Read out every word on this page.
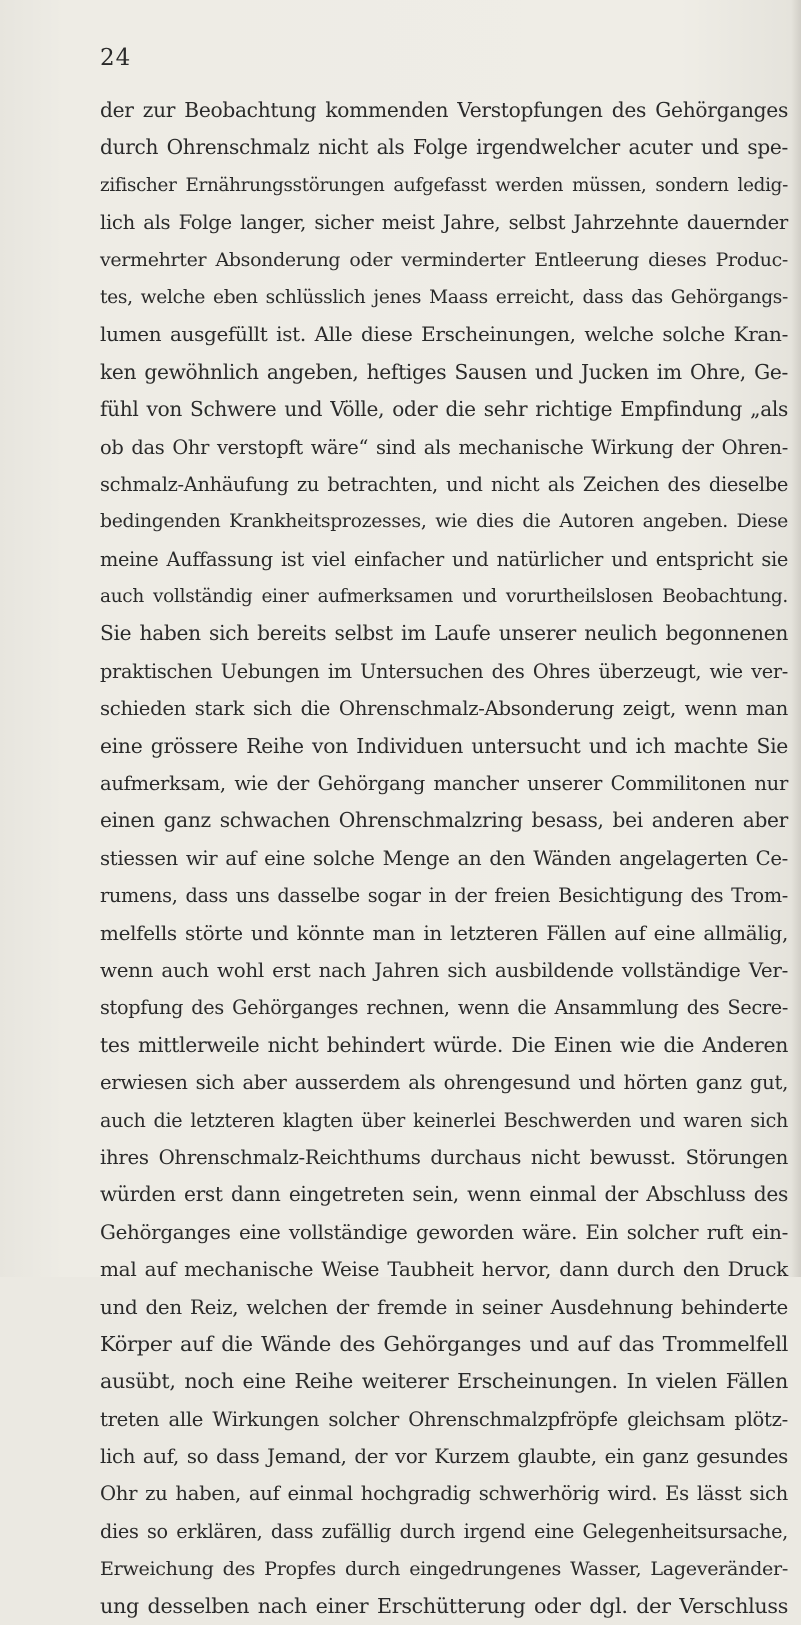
24
der zur Beobachtung kommenden Verstopfungen des Gehörganges
durch Ohrenschmalz nicht als Folge irgendwelcher acuter und spe-
zifischer Ernährungsstörungen aufgefasst werden müssen, sondern ledig-
lich als Folge langer, sicher meist Jahre, selbst Jahrzehnte dauernder
vermehrter Absonderung oder verminderter Entleerung dieses Produc-
tes, welche eben schlüsslich jenes Maass erreicht, dass das Gehörgangs-
lumen ausgefüllt ist. Alle diese Erscheinungen, welche solche Kran-
ken gewöhnlich angeben, heftiges Sausen und Jucken im Ohre, Ge-
fühl von Schwere und Völle, oder die sehr richtige Empfindung „als
ob das Ohr verstopft wäre“ sind als mechanische Wirkung der Ohren-
schmalz-Anhäufung zu betrachten, und nicht als Zeichen des dieselbe
bedingenden Krankheitsprozesses, wie dies die Autoren angeben. Diese
meine Auffassung ist viel einfacher und natürlicher und entspricht sie
auch vollständig einer aufmerksamen und vorurtheilslosen Beobachtung.
Sie haben sich bereits selbst im Laufe unserer neulich begonnenen
praktischen Uebungen im Untersuchen des Ohres überzeugt, wie ver-
schieden stark sich die Ohrenschmalz-Absonderung zeigt, wenn man
eine grössere Reihe von Individuen untersucht und ich machte Sie
aufmerksam, wie der Gehörgang mancher unserer Commilitonen nur
einen ganz schwachen Ohrenschmalzring besass, bei anderen aber
stiessen wir auf eine solche Menge an den Wänden angelagerten Ce-
rumens, dass uns dasselbe sogar in der freien Besichtigung des Trom-
melfells störte und könnte man in letzteren Fällen auf eine allmälig,
wenn auch wohl erst nach Jahren sich ausbildende vollständige Ver-
stopfung des Gehörganges rechnen, wenn die Ansammlung des Secre-
tes mittlerweile nicht behindert würde. Die Einen wie die Anderen
erwiesen sich aber ausserdem als ohrengesund und hörten ganz gut,
auch die letzteren klagten über keinerlei Beschwerden und waren sich
ihres Ohrenschmalz-Reichthums durchaus nicht bewusst. Störungen
würden erst dann eingetreten sein, wenn einmal der Abschluss des
Gehörganges eine vollständige geworden wäre. Ein solcher ruft ein-
mal auf mechanische Weise Taubheit hervor, dann durch den Druck
und den Reiz, welchen der fremde in seiner Ausdehnung behinderte
Körper auf die Wände des Gehörganges und auf das Trommelfell
ausübt, noch eine Reihe weiterer Erscheinungen. In vielen Fällen
treten alle Wirkungen solcher Ohrenschmalzpfröpfe gleichsam plötz-
lich auf, so dass Jemand, der vor Kurzem glaubte, ein ganz gesundes
Ohr zu haben, auf einmal hochgradig schwerhörig wird. Es lässt sich
dies so erklären, dass zufällig durch irgend eine Gelegenheitsursache,
Erweichung des Propfes durch eingedrungenes Wasser, Lageveränder-
ung desselben nach einer Erschütterung oder dgl. der Verschluss
